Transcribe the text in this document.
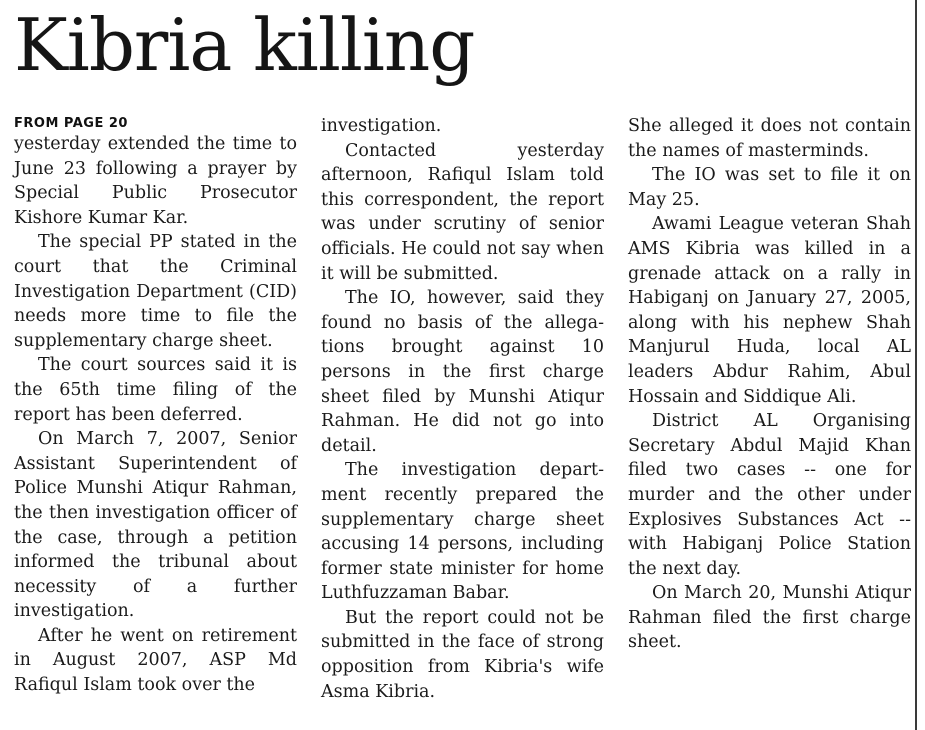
Kibria killing
FROM PAGE 20

yesterday extended the time to June 23 following a prayer by Special Public Prosecutor Kishore Kumar Kar.

The special PP stated in the court that the Criminal Investigation Department (CID) needs more time to file the supplementary charge sheet.

The court sources said it is the 65th time filing of the report has been deferred.

On March 7, 2007, Senior Assistant Superintendent of Police Munshi Atiqur Rahman, the then investigation officer of the case, through a petition informed the tribunal about necessity of a further investigation.

After he went on retirement in August 2007, ASP Md Rafiqul Islam took over the

investigation.

Contacted yesterday afternoon, Rafiqul Islam told this correspondent, the report was under scrutiny of senior officials. He could not say when it will be submitted.

The IO, however, said they found no basis of the allegations brought against 10 persons in the first charge sheet filed by Munshi Atiqur Rahman. He did not go into detail.

The investigation department recently prepared the supplementary charge sheet accusing 14 persons, including former state minister for home Luthfuzzaman Babar.

But the report could not be submitted in the face of strong opposition from Kibria's wife Asma Kibria.

She alleged it does not contain the names of masterminds.

The IO was set to file it on May 25.

Awami League veteran Shah AMS Kibria was killed in a grenade attack on a rally in Habiganj on January 27, 2005, along with his nephew Shah Manjurul Huda, local AL leaders Abdur Rahim, Abul Hossain and Siddique Ali.

District AL Organising Secretary Abdul Majid Khan filed two cases -- one for murder and the other under Explosives Substances Act -- with Habiganj Police Station the next day.

On March 20, Munshi Atiqur Rahman filed the first charge sheet.
